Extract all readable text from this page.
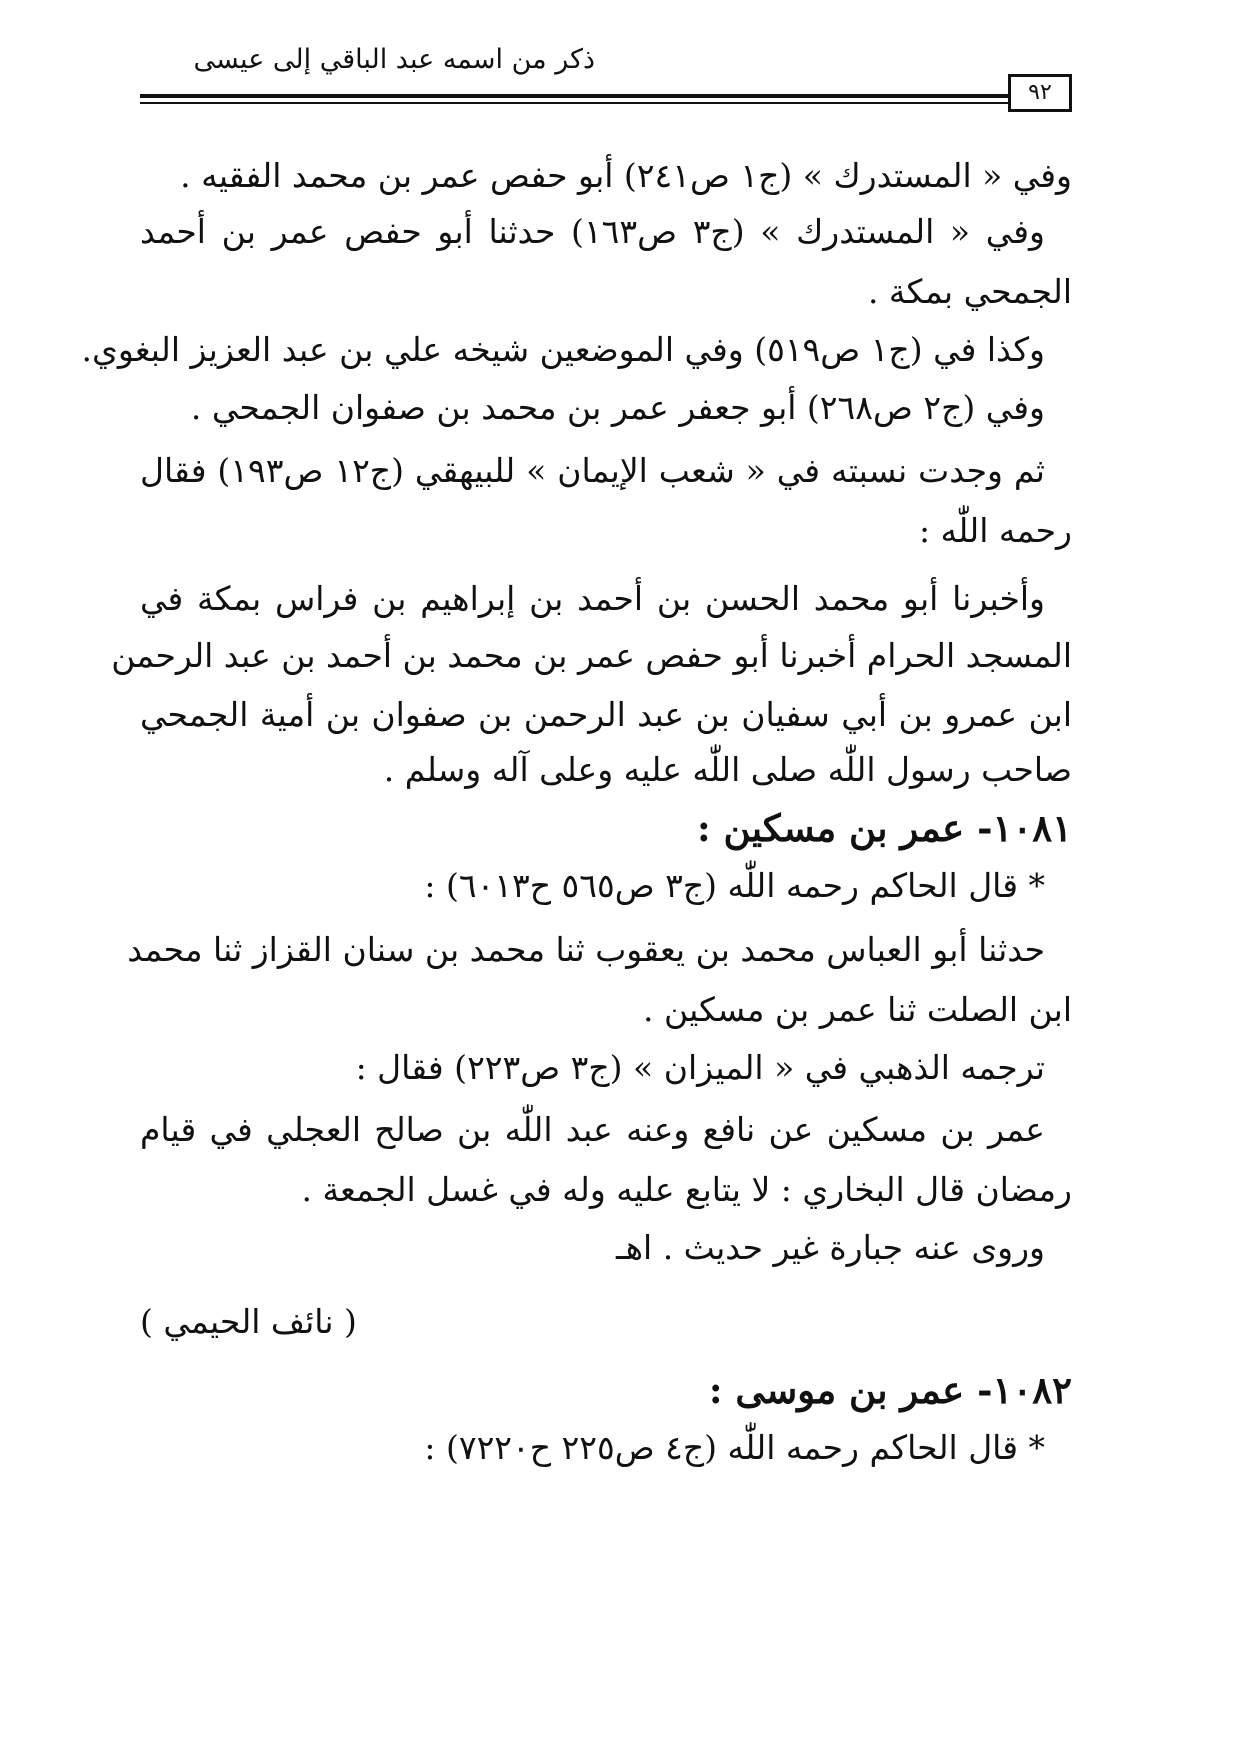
ذكر من اسمه عبد الباقي إلى عيسى
٩٢
وفي « المستدرك » (ج١ ص٢٤١) أبو حفص عمر بن محمد الفقيه .
وفي « المستدرك » (ج٣ ص١٦٣) حدثنا أبو حفص عمر بن أحمد
الجمحي بمكة .
وكذا في (ج١ ص٥١٩) وفي الموضعين شيخه علي بن عبد العزيز البغوي.
وفي (ج٢ ص٢٦٨) أبو جعفر عمر بن محمد بن صفوان الجمحي .
ثم وجدت نسبته في « شعب الإيمان » للبيهقي (ج١٢ ص١٩٣) فقال
رحمه اللّٰه :
وأخبرنا أبو محمد الحسن بن أحمد بن إبراهيم بن فراس بمكة في
المسجد الحرام أخبرنا أبو حفص عمر بن محمد بن أحمد بن عبد الرحمن
ابن عمرو بن أبي سفيان بن عبد الرحمن بن صفوان بن أمية الجمحي
صاحب رسول اللّٰه صلى اللّٰه عليه وعلى آله وسلم .
١٠٨١- عمر بن مسكين :
* قال الحاكم رحمه اللّٰه (ج٣ ص٥٦٥ ح٦٠١٣) :
حدثنا أبو العباس محمد بن يعقوب ثنا محمد بن سنان القزاز ثنا محمد
ابن الصلت ثنا عمر بن مسكين .
ترجمه الذهبي في « الميزان » (ج٣ ص٢٢٣) فقال :
عمر بن مسكين عن نافع وعنه عبد اللّٰه بن صالح العجلي في قيام
رمضان قال البخاري : لا يتابع عليه وله في غسل الجمعة .
وروى عنه جبارة غير حديث . اهـ
( نائف الحيمي )
١٠٨٢- عمر بن موسى :
* قال الحاكم رحمه اللّٰه (ج٤ ص٢٢٥ ح٧٢٢٠) :
